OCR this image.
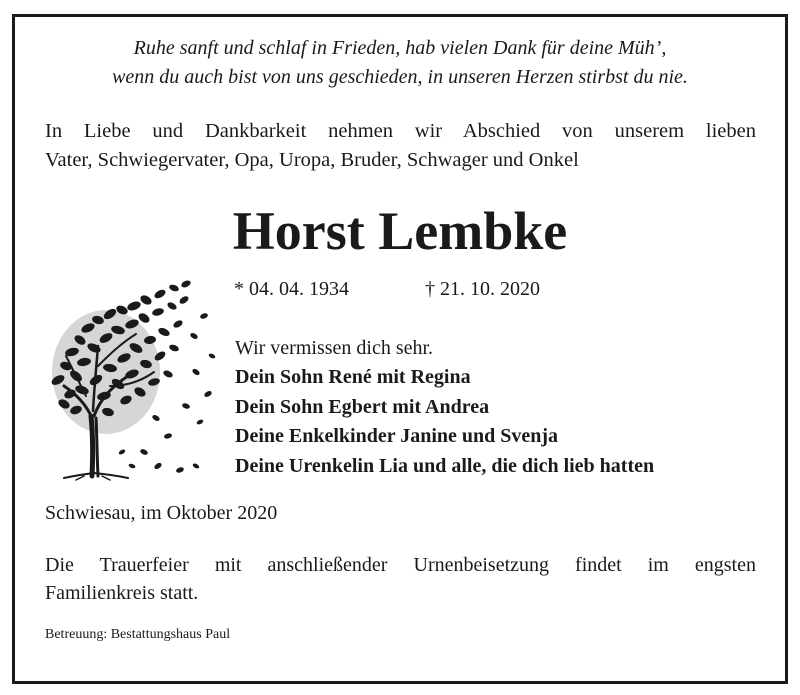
Ruhe sanft und schlaf in Frieden, hab vielen Dank für deine Müh’,
wenn du auch bist von uns geschieden, in unseren Herzen stirbst du nie.
In Liebe und Dankbarkeit nehmen wir Abschied von unserem lieben
Vater, Schwiegervater, Opa, Uropa, Bruder, Schwager und Onkel
Horst Lembke
* 04. 04. 1934	† 21. 10. 2020
Wir vermissen dich sehr.
Dein Sohn René mit Regina
Dein Sohn Egbert mit Andrea
Deine Enkelkinder Janine und Svenja
Deine Urenkelin Lia und alle, die dich lieb hatten
Schwiesau, im Oktober 2020
Die Trauerfeier mit anschließender Urnenbeisetzung findet im engsten
Familienkreis statt.
Betreuung: Bestattungshaus Paul
